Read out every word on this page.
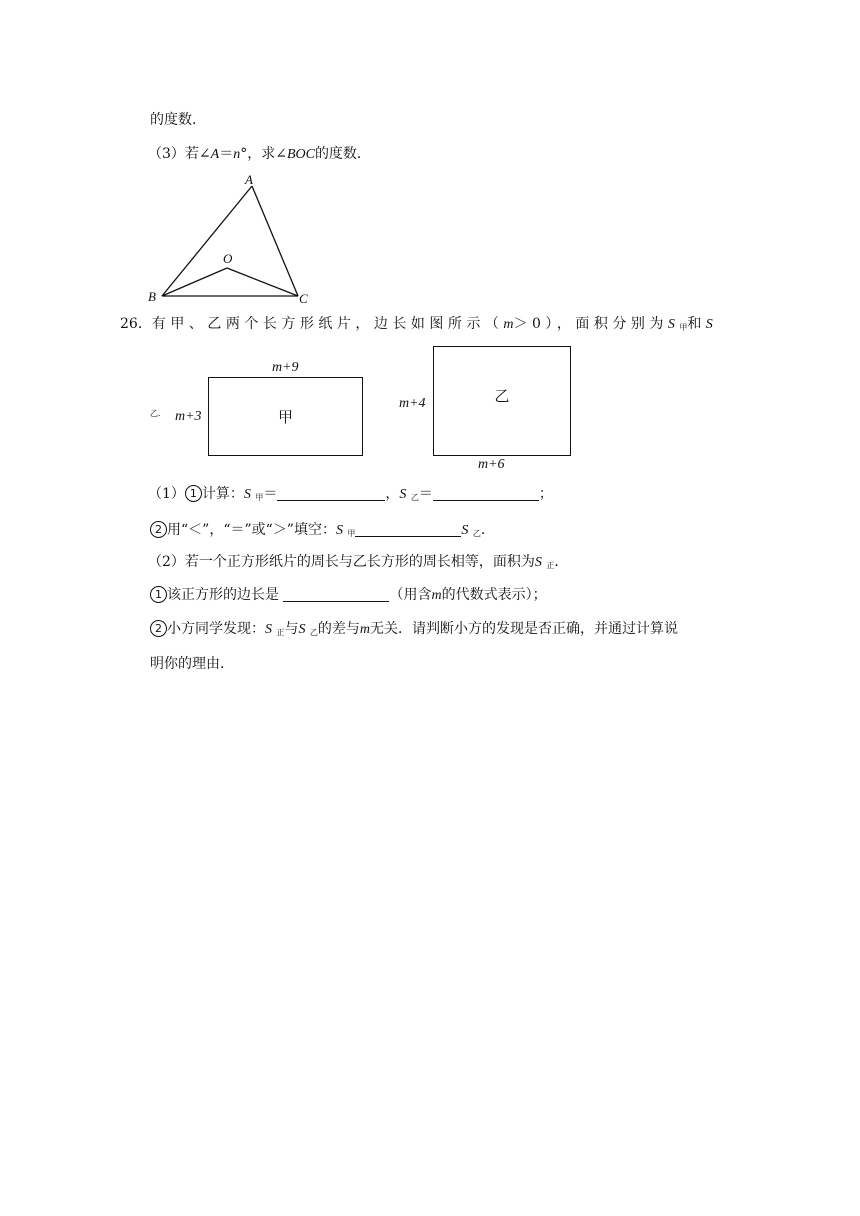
的度数．
（3）若∠A＝n°，求∠BOC的度数．
A
B	C
O
26．有甲、乙两个长方形纸片，边长如图所示（m＞0），面积分别为S $_甲$和 S
乙．
m+9
m+3	甲
m+4	乙
m+6
（1） 1 计算：S $_甲$＝	，S $_乙$＝	；
2 用“＜”，“＝”或“＞”填空：S $_甲$	S $_乙$．
（2）若一个正方形纸片的周长与乙长方形的周长相等，面积为S $_正$．
1 该正方形的边长是	（用含m的代数式表示）；
2 小方同学发现：S $_正$与S $_乙$的差与m无关．请判断小方的发现是否正确，并通过计算说
明你的理由．
